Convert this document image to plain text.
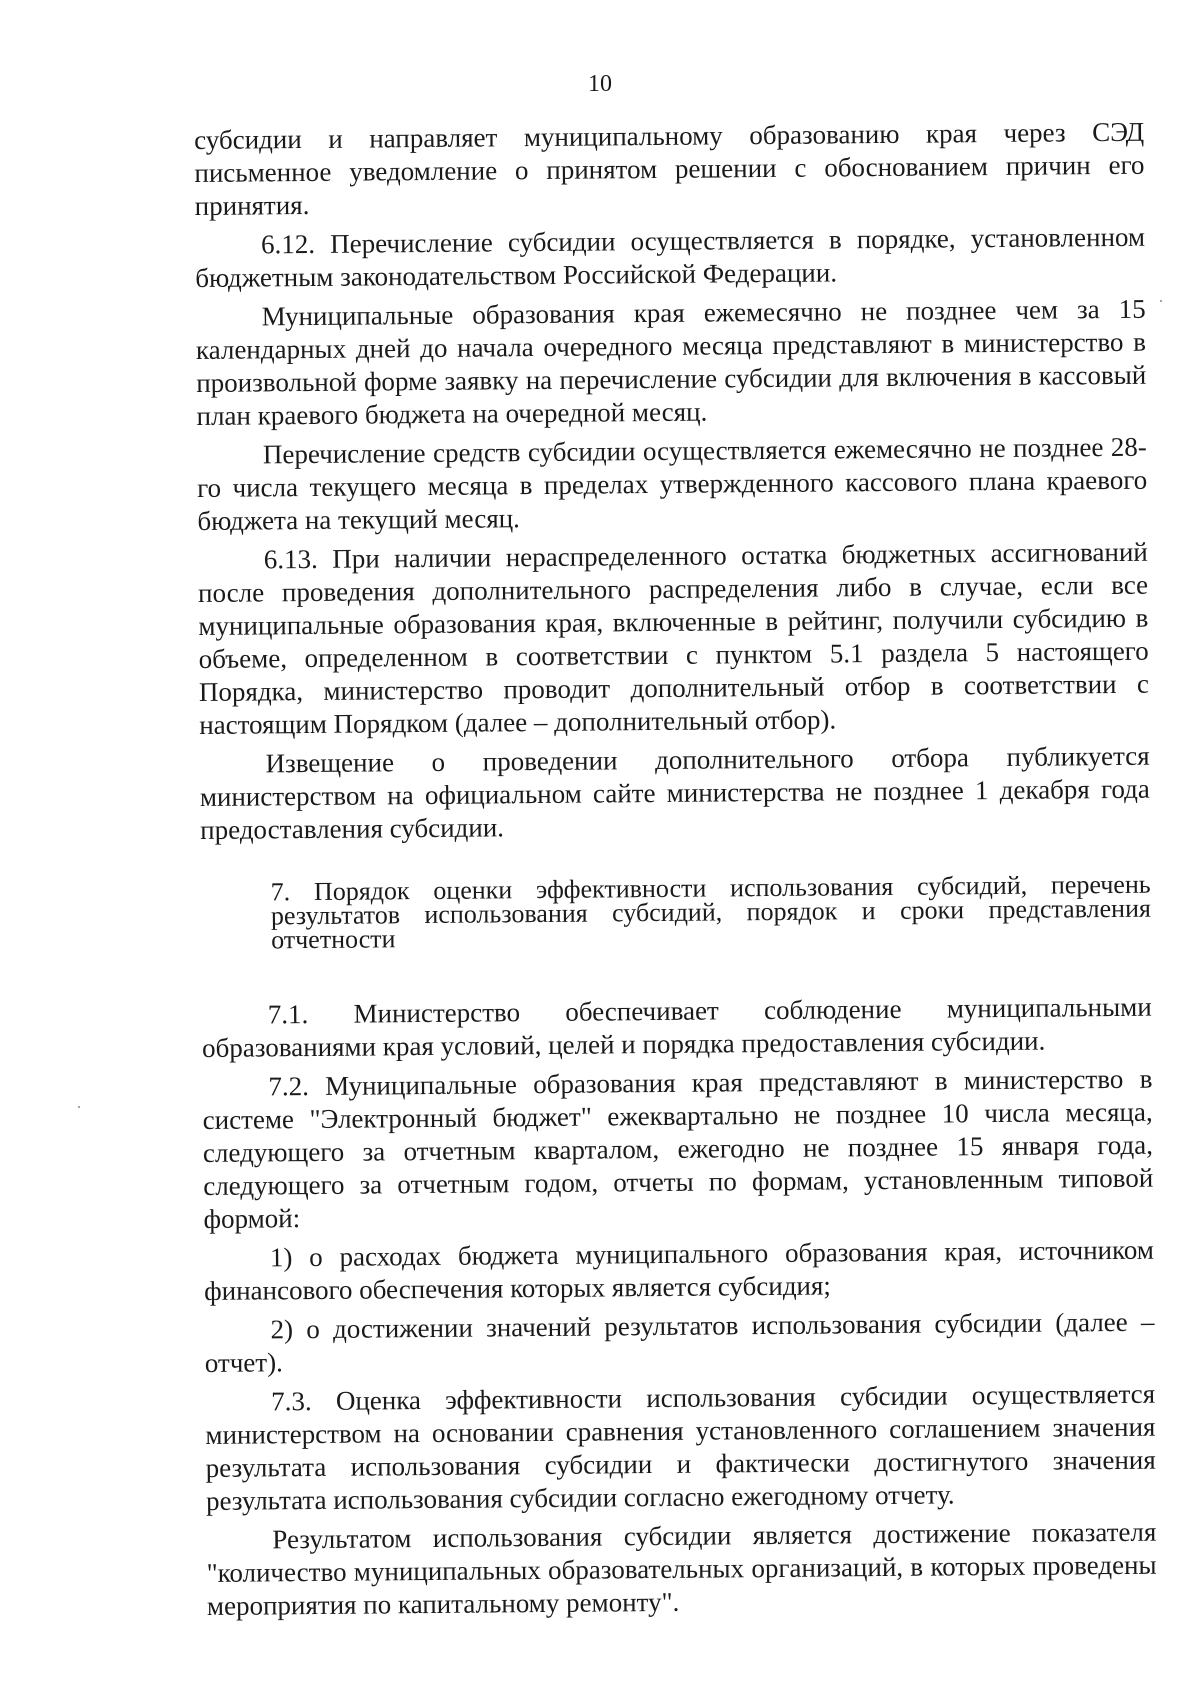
10

субсидии и направляет муниципальному образованию края через СЭД письменное уведомление о принятом решении с обоснованием причин его принятия.

6.12. Перечисление субсидии осуществляется в порядке, установленном бюджетным законодательством Российской Федерации.

Муниципальные образования края ежемесячно не позднее чем за 15 календарных дней до начала очередного месяца представляют в министерство в произвольной форме заявку на перечисление субсидии для включения в кассовый план краевого бюджета на очередной месяц.

Перечисление средств субсидии осуществляется ежемесячно не позднее 28-го числа текущего месяца в пределах утвержденного кассового плана краевого бюджета на текущий месяц.

6.13. При наличии нераспределенного остатка бюджетных ассигнований после проведения дополнительного распределения либо в случае, если все муниципальные образования края, включенные в рейтинг, получили субсидию в объеме, определенном в соответствии с пунктом 5.1 раздела 5 настоящего Порядка, министерство проводит дополнительный отбор в соответствии с настоящим Порядком (далее – дополнительный отбор).

Извещение о проведении дополнительного отбора публикуется министерством на официальном сайте министерства не позднее 1 декабря года предоставления субсидии.

7. Порядок оценки эффективности использования субсидий, перечень результатов использования субсидий, порядок и сроки представления отчетности

7.1. Министерство обеспечивает соблюдение муниципальными образованиями края условий, целей и порядка предоставления субсидии.

7.2. Муниципальные образования края представляют в министерство в системе "Электронный бюджет" ежеквартально не позднее 10 числа месяца, следующего за отчетным кварталом, ежегодно не позднее 15 января года, следующего за отчетным годом, отчеты по формам, установленным типовой формой:

1) о расходах бюджета муниципального образования края, источником финансового обеспечения которых является субсидия;

2) о достижении значений результатов использования субсидии (далее – отчет).

7.3. Оценка эффективности использования субсидии осуществляется министерством на основании сравнения установленного соглашением значения результата использования субсидии и фактически достигнутого значения результата использования субсидии согласно ежегодному отчету.

Результатом использования субсидии является достижение показателя "количество муниципальных образовательных организаций, в которых проведены мероприятия по капитальному ремонту".
